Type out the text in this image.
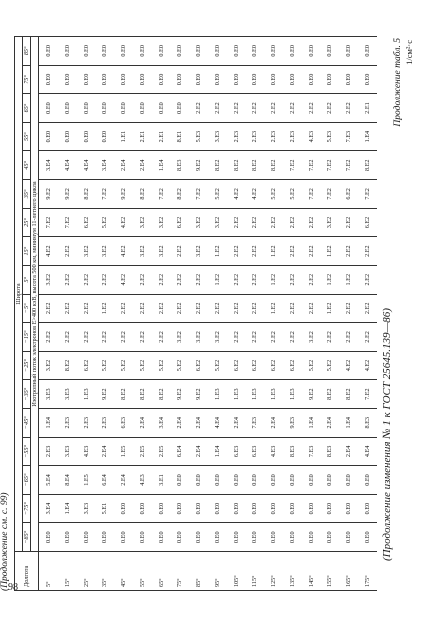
98
(Продолжение изменения № 1 к ГОСТ 25645.139—86)
Продолжение табл. 5 1/см²·с
Долгота	Широта																	
	−85°	−75°	−65°	−55°	−45°	−35°	−25°	−15°	−5°	5°	15°	25°	35°	45°	55°	65°	75°	85°
	Изотропный поток электронов E>400 кэВ, высота 500 км, минимум 11-летнего цикла																	
5°	0.E0	3.E4	5.E4	2.E3	1.E4	3.E3	3.E2	2.E2	2.E2	3.E2	4.E2	7.E2	9.E2	3.E4	0.E0	0.E0	0.E0	0.E0
15°	0.E0	1.E4	8.E4	3.E3	2.E3	3.E3	8.E2	2.E2	2.E2	2.E2	2.E2	7.E2	9.E2	4.E4	0.E0	0.E0	0.E0	0.E0
25°	0.E0	3.E3	1.E5	4.E3	2.E3	1.E3	6.E2	2.E2	2.E2	2.E2	3.E2	6.E2	8.E2	4.E4	0.E0	0.E0	0.E0	0.E0
35°	0.E0	5.E1	6.E4	2.E4	2.E3	9.E2	5.E2	2.E2	1.E2	2.E2	3.E2	5.E2	7.E2	3.E4	0.E0	0.E0	0.E0	0.E0
45°	0.E0	0.E0	2.E4	1.E5	6.E3	8.E2	5.E2	2.E2	2.E2	4.E2	4.E2	4.E2	9.E2	2.E4	1.E1	0.E0	0.E0	0.E0
55°	0.E0	0.E0	4.E3	2.E5	2.E4	8.E2	5.E2	2.E2	2.E2	2.E2	3.E2	3.E2	8.E2	2.E4	2.E1	0.E0	0.E0	0.E0
65°	0.E0	0.E0	3.E1	2.E5	3.E4	8.E2	5.E2	2.E2	2.E2	2.E2	3.E2	3.E2	7.E2	1.E4	2.E1	0.E0	0.E0	0.E0
75°	0.E0	0.E0	0.E0	6.E4	2.E4	9.E2	5.E2	3.E2	2.E2	2.E2	2.E2	6.E2	8.E2	8.E3	8.E1	0.E0	0.E0	0.E0
85°	0.E0	0.E0	0.E0	2.E4	2.E4	9.E2	6.E2	3.E2	2.E2	2.E2	3.E2	3.E2	7.E2	9.E2	5.E3	2.E2	0.E0	0.E0
95°	0.E0	0.E0	0.E0	1.E4	4.E4	1.E3	5.E2	3.E2	2.E2	1.E2	1.E2	3.E2	5.E2	8.E2	3.E3	2.E2	0.E0	0.E0
105°	0.E0	0.E0	0.E0	6.E3	2.E4	1.E3	6.E2	2.E2	2.E2	2.E2	2.E2	2.E2	4.E2	8.E2	2.E3	2.E2	0.E0	0.E0
115°	0.E0	0.E0	0.E0	6.E3	7.E3	1.E3	6.E2	2.E2	2.E2	2.E2	2.E2	2.E2	4.E2	8.E2	2.E3	2.E2	0.E0	0.E0
125°	0.E0	0.E0	0.E0	4.E3	2.E4	1.E3	6.E2	2.E2	1.E2	1.E2	1.E2	2.E2	5.E2	8.E2	2.E3	2.E2	0.E0	0.E0
135°	0.E0	0.E0	0.E0	8.E3	9.E3	1.E3	6.E2	2.E2	2.E2	2.E2	2.E2	2.E2	5.E2	7.E2	2.E3	2.E2	0.E0	0.E0
145°	0.E0	0.E0	0.E0	7.E3	1.E4	9.E2	5.E2	3.E2	2.E2	2.E2	2.E2	2.E2	7.E2	7.E2	4.E3	2.E2	0.E0	0.E0
155°	0.E0	0.E0	0.E0	8.E3	2.E4	8.E2	5.E2	2.E2	1.E2	1.E2	1.E2	3.E2	7.E2	7.E2	5.E3	2.E2	0.E0	0.E0
165°	0.E0	0.E0	0.E0	2.E4	1.E4	8.E2	4.E2	2.E2	2.E2	1.E2	2.E2	2.E2	6.E2	7.E2	7.E3	2.E2	0.E0	0.E0
175°	0.E0	0.E0	0.E0	4.E4	8.E3	7.E2	4.E2	2.E2	2.E2	2.E2	2.E2	6.E2	7.E2	8.E2	1.E4	2.E1	0.E0	0.E0
(Продолжение см. с. 99)
